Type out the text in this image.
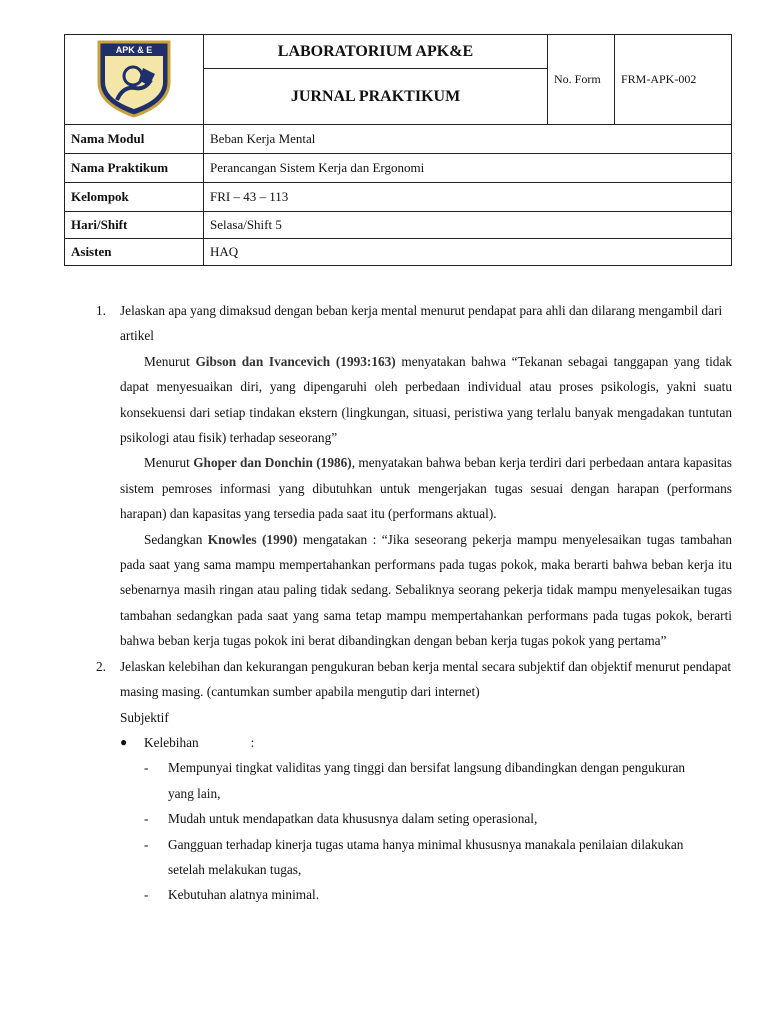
APK & E	LABORATORIUM APK&E	No. Form	FRM-APK-002
	JURNAL PRAKTIKUM		
Nama Modul	Beban Kerja Mental		
Nama Praktikum	Perancangan Sistem Kerja dan Ergonomi		
Kelompok	FRI – 43 – 113		
Hari/Shift	Selasa/Shift 5		
Asisten	HAQ		
1. Jelaskan apa yang dimaksud dengan beban kerja mental menurut pendapat para ahli dan dilarang mengambil dari artikel
Menurut Gibson dan Ivancevich (1993:163) menyatakan bahwa “Tekanan sebagai tanggapan yang tidak dapat menyesuaikan diri, yang dipengaruhi oleh perbedaan individual atau proses psikologis, yakni suatu konsekuensi dari setiap tindakan ekstern (lingkungan, situasi, peristiwa yang terlalu banyak mengadakan tuntutan psikologi atau fisik) terhadap seseorang”
Menurut Ghoper dan Donchin (1986), menyatakan bahwa beban kerja terdiri dari perbedaan antara kapasitas sistem pemroses informasi yang dibutuhkan untuk mengerjakan tugas sesuai dengan harapan (performans harapan) dan kapasitas yang tersedia pada saat itu (performans aktual).
Sedangkan Knowles (1990) mengatakan : “Jika seseorang pekerja mampu menyelesaikan tugas tambahan pada saat yang sama mampu mempertahankan performans pada tugas pokok, maka berarti bahwa beban kerja itu sebenarnya masih ringan atau paling tidak sedang. Sebaliknya seorang pekerja tidak mampu menyelesaikan tugas tambahan sedangkan pada saat yang sama tetap mampu mempertahankan performans pada tugas pokok, berarti bahwa beban kerja tugas pokok ini berat dibandingkan dengan beban kerja tugas pokok yang pertama”
2. Jelaskan kelebihan dan kekurangan pengukuran beban kerja mental secara subjektif dan objektif menurut pendapat masing masing. (cantumkan sumber apabila mengutip dari internet)
Subjektif
● Kelebihan	:
- Mempunyai tingkat validitas yang tinggi dan bersifat langsung dibandingkan dengan pengukuran yang lain,
- Mudah untuk mendapatkan data khususnya dalam seting operasional,
- Gangguan terhadap kinerja tugas utama hanya minimal khususnya manakala penilaian dilakukan setelah melakukan tugas,
- Kebutuhan alatnya minimal.
